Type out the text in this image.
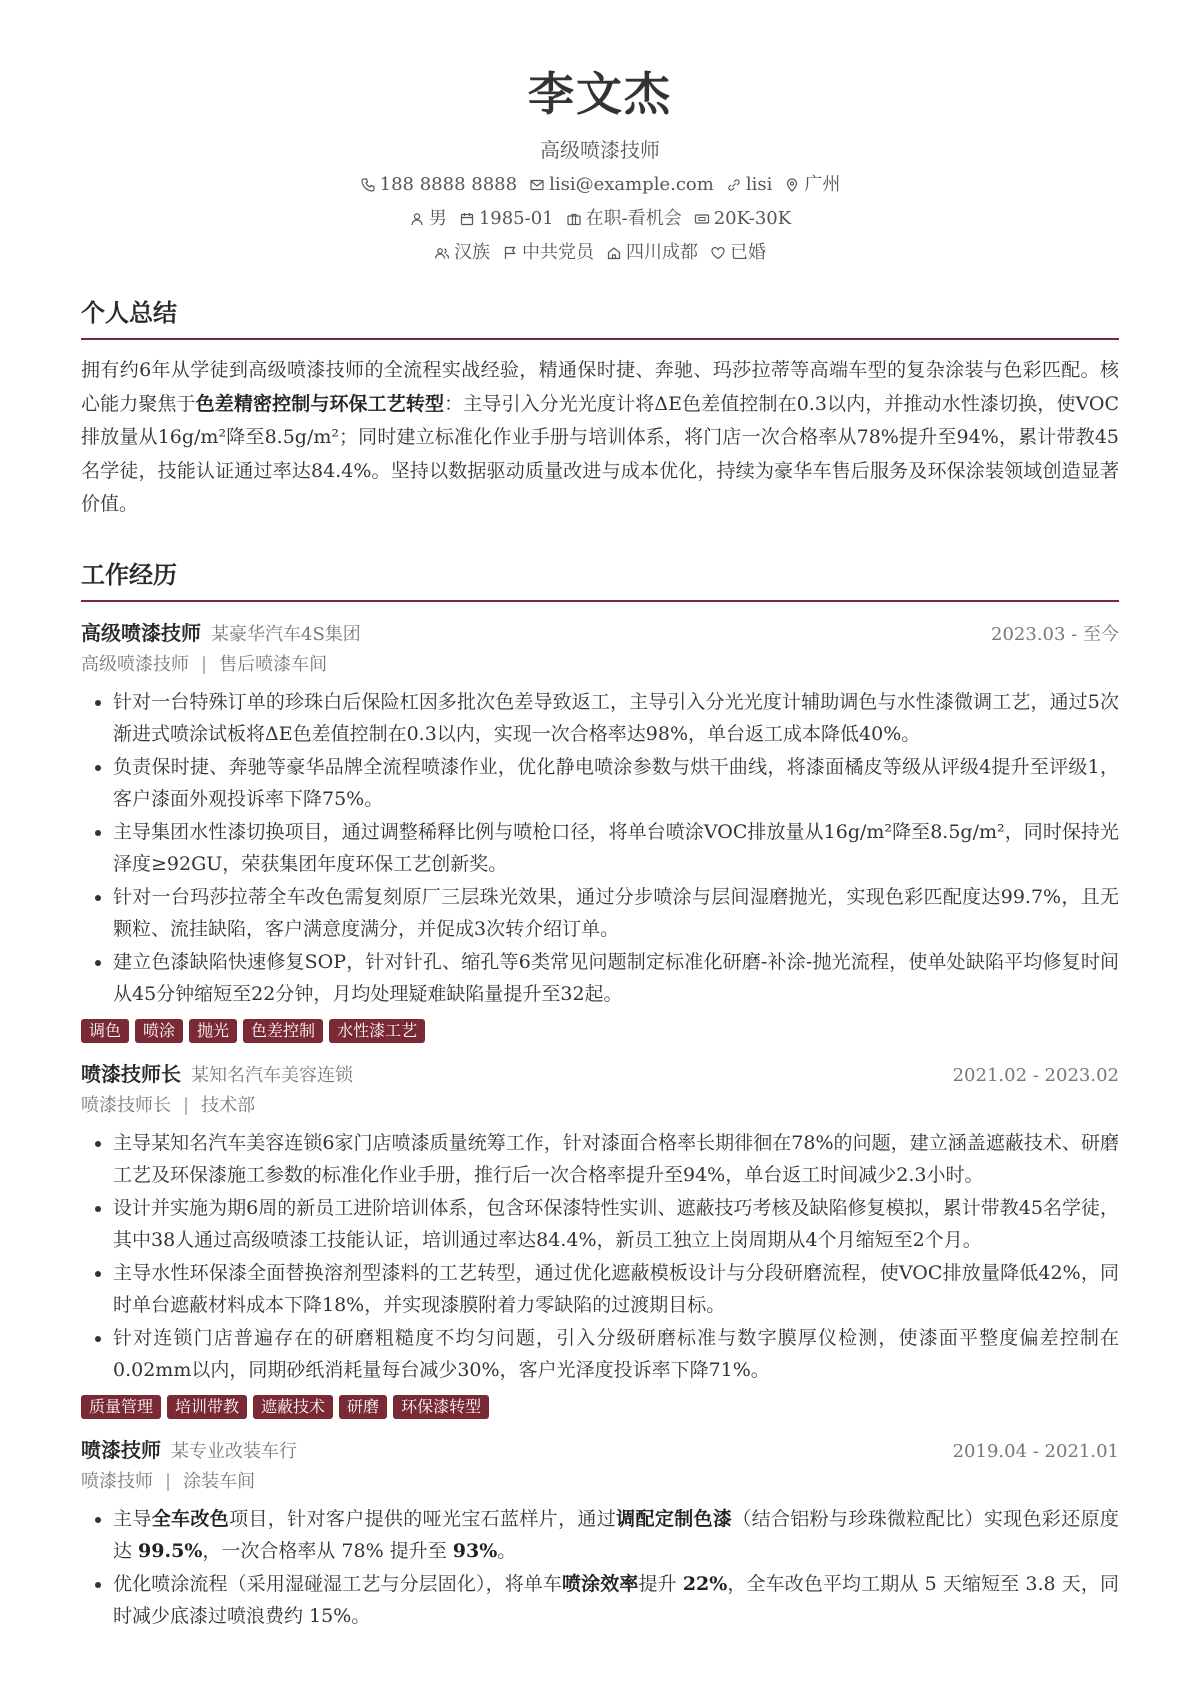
李文杰
高级喷漆技师
188 8888 8888 lisi@example.com lisi 广州
男 1985-01 在职-看机会 20K-30K
汉族 中共党员 四川成都 已婚
个人总结
拥有约6年从学徒到高级喷漆技师的全流程实战经验，精通保时捷、奔驰、玛莎拉蒂等高端车型的复杂涂装与色彩匹配。核心能力聚焦于色差精密控制与环保工艺转型：主导引入分光光度计将ΔE色差值控制在0.3以内，并推动水性漆切换，使VOC排放量从16g/m²降至8.5g/m²；同时建立标准化作业手册与培训体系，将门店一次合格率从78%提升至94%，累计带教45名学徒，技能认证通过率达84.4%。坚持以数据驱动质量改进与成本优化，持续为豪华车售后服务及环保涂装领域创造显著价值。
工作经历
高级喷漆技师 某豪华汽车4S集团	2023.03 - 至今
高级喷漆技师 | 售后喷漆车间
• 针对一台特殊订单的珍珠白后保险杠因多批次色差导致返工，主导引入分光光度计辅助调色与水性漆微调工艺，通过5次渐进式喷涂试板将ΔE色差值控制在0.3以内，实现一次合格率达98%，单台返工成本降低40%。
• 负责保时捷、奔驰等豪华品牌全流程喷漆作业，优化静电喷涂参数与烘干曲线，将漆面橘皮等级从评级4提升至评级1，客户漆面外观投诉率下降75%。
• 主导集团水性漆切换项目，通过调整稀释比例与喷枪口径，将单台喷涂VOC排放量从16g/m²降至8.5g/m²，同时保持光泽度≥92GU，荣获集团年度环保工艺创新奖。
• 针对一台玛莎拉蒂全车改色需复刻原厂三层珠光效果，通过分步喷涂与层间湿磨抛光，实现色彩匹配度达99.7%，且无颗粒、流挂缺陷，客户满意度满分，并促成3次转介绍订单。
• 建立色漆缺陷快速修复SOP，针对针孔、缩孔等6类常见问题制定标准化研磨-补涂-抛光流程，使单处缺陷平均修复时间从45分钟缩短至22分钟，月均处理疑难缺陷量提升至32起。
调色	喷涂	抛光	色差控制	水性漆工艺
喷漆技师长 某知名汽车美容连锁	2021.02 - 2023.02
喷漆技师长 | 技术部
• 主导某知名汽车美容连锁6家门店喷漆质量统筹工作，针对漆面合格率长期徘徊在78%的问题，建立涵盖遮蔽技术、研磨工艺及环保漆施工参数的标准化作业手册，推行后一次合格率提升至94%，单台返工时间减少2.3小时。
• 设计并实施为期6周的新员工进阶培训体系，包含环保漆特性实训、遮蔽技巧考核及缺陷修复模拟，累计带教45名学徒，其中38人通过高级喷漆工技能认证，培训通过率达84.4%，新员工独立上岗周期从4个月缩短至2个月。
• 主导水性环保漆全面替换溶剂型漆料的工艺转型，通过优化遮蔽模板设计与分段研磨流程，使VOC排放量降低42%，同时单台遮蔽材料成本下降18%，并实现漆膜附着力零缺陷的过渡期目标。
• 针对连锁门店普遍存在的研磨粗糙度不均匀问题，引入分级研磨标准与数字膜厚仪检测，使漆面平整度偏差控制在0.02mm以内，同期砂纸消耗量每台减少30%，客户光泽度投诉率下降71%。
质量管理	培训带教	遮蔽技术	研磨	环保漆转型
喷漆技师 某专业改装车行	2019.04 - 2021.01
喷漆技师 | 涂装车间
• 主导全车改色项目，针对客户提供的哑光宝石蓝样片，通过调配定制色漆（结合铝粉与珍珠微粒配比）实现色彩还原度达 99.5%，一次合格率从 78% 提升至 93%。
• 优化喷涂流程（采用湿碰湿工艺与分层固化），将单车喷涂效率提升 22%，全车改色平均工期从 5 天缩短至 3.8 天，同时减少底漆过喷浪费约 15%。
